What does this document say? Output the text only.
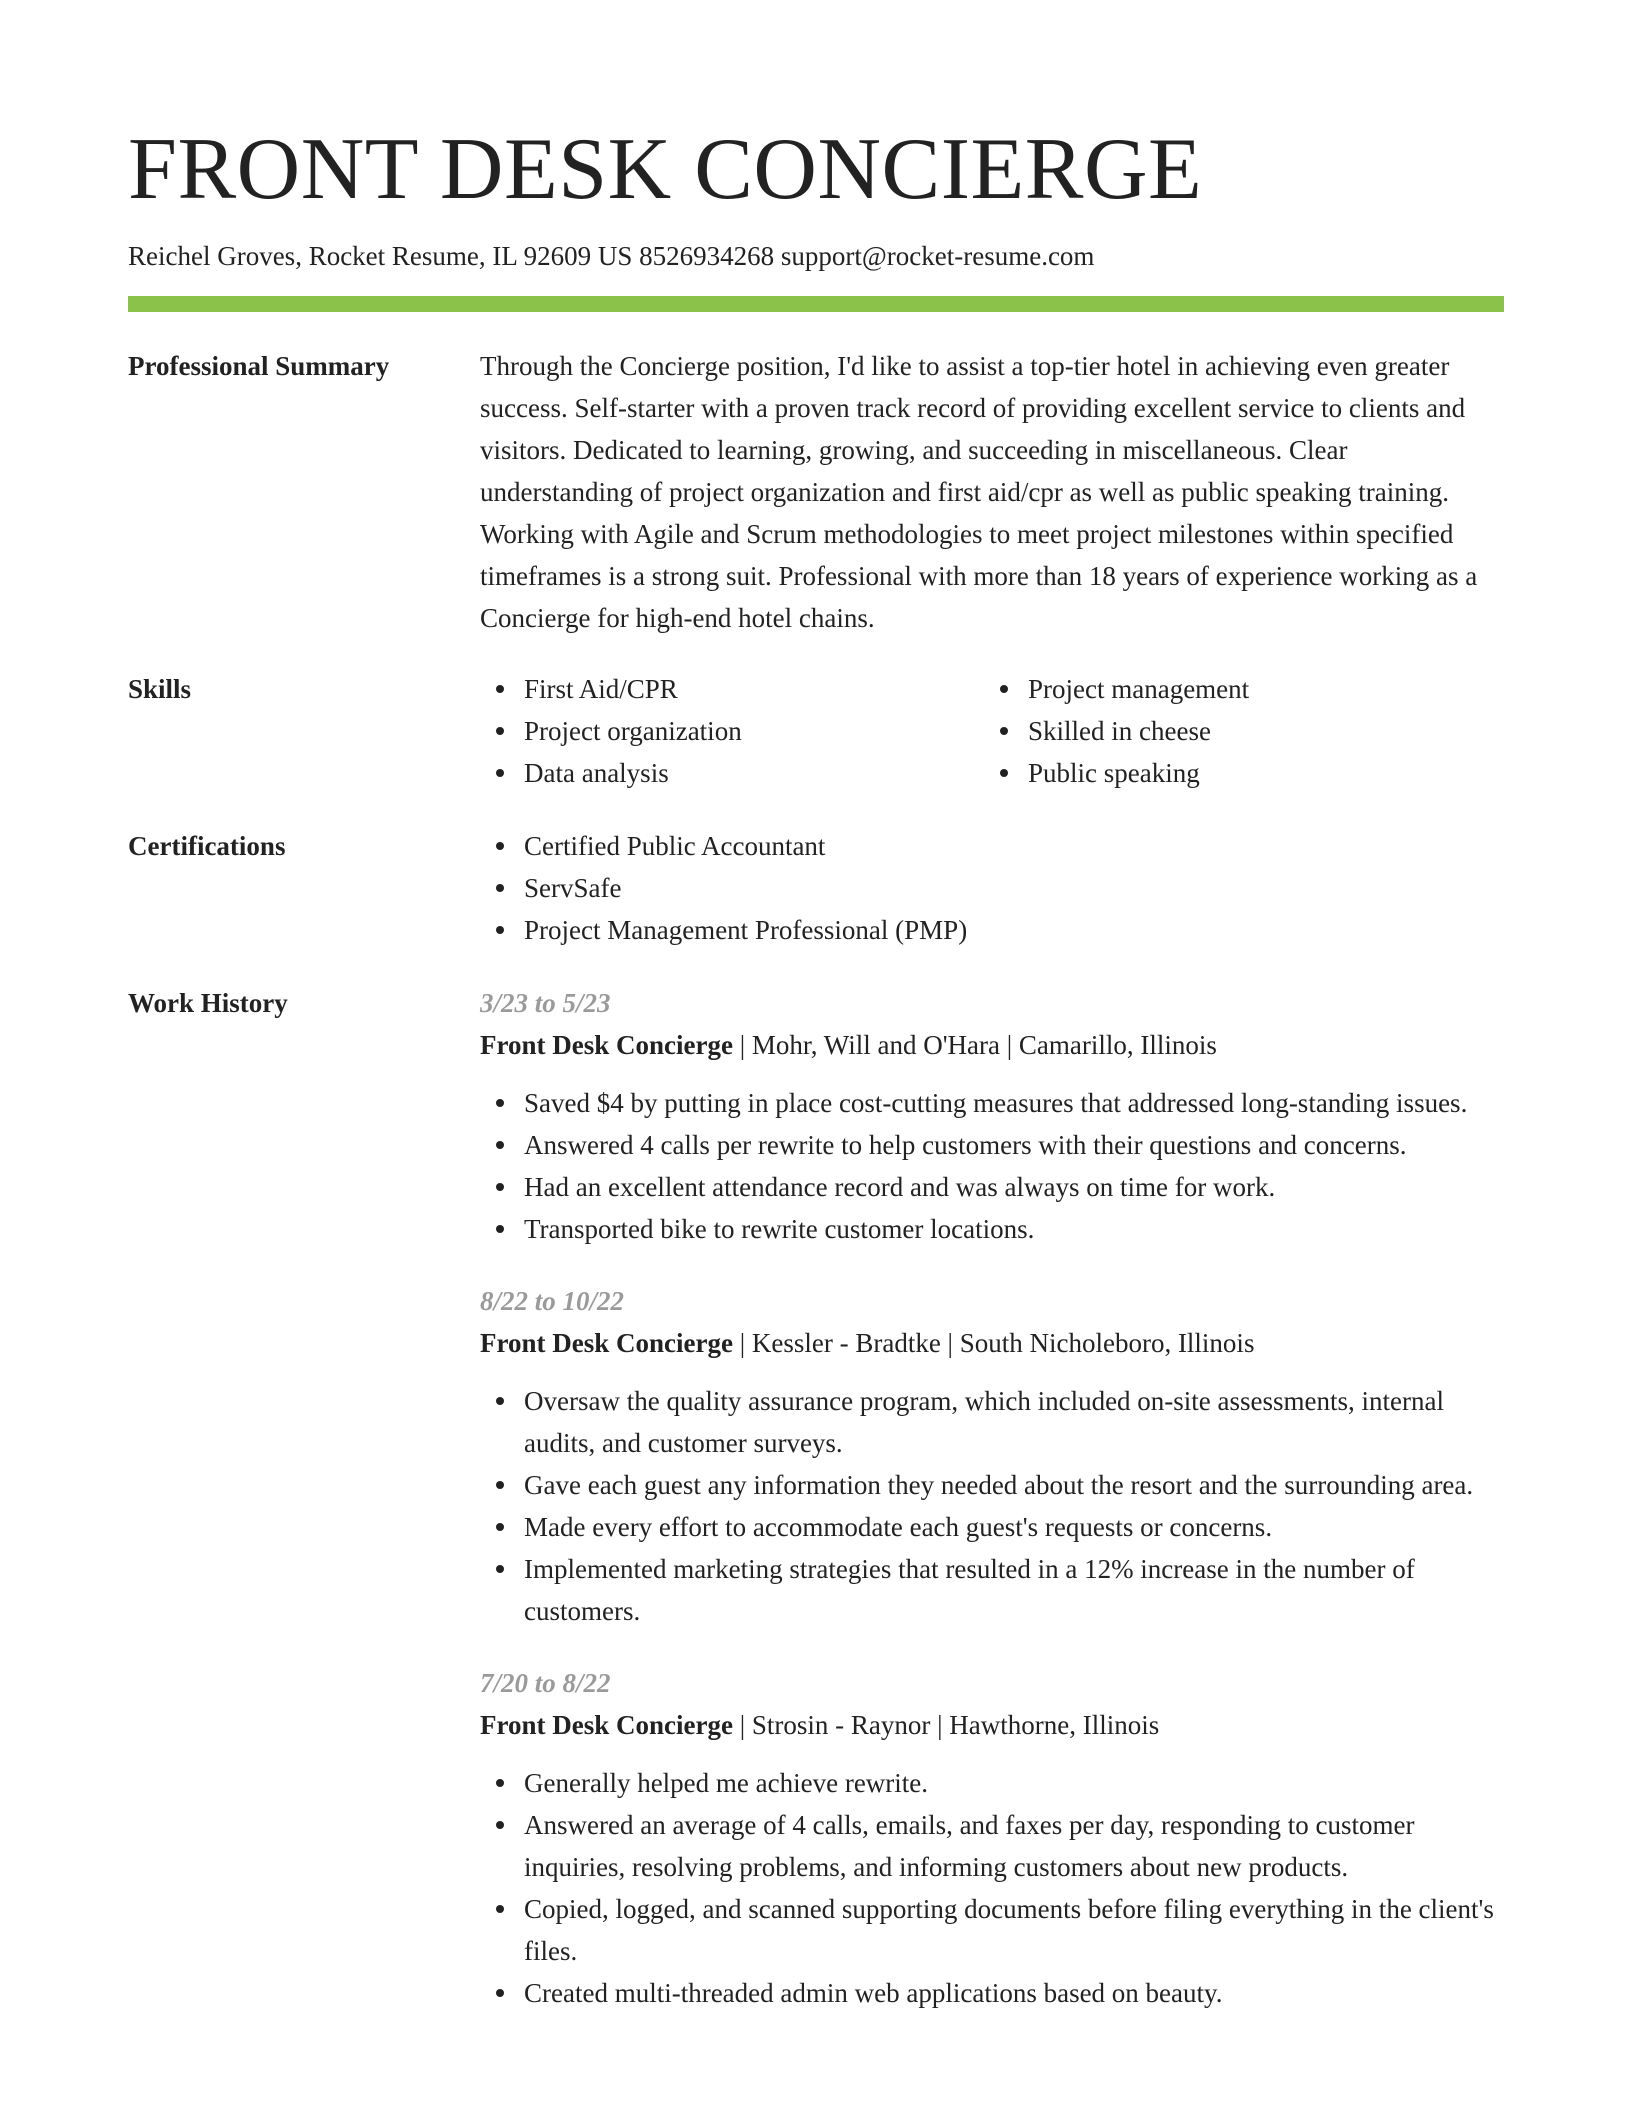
FRONT DESK CONCIERGE
Reichel Groves, Rocket Resume, IL 92609 US 8526934268 support@rocket-resume.com
Professional Summary	Through the Concierge position, I'd like to assist a top-tier hotel in achieving even greater success. Self-starter with a proven track record of providing excellent service to clients and visitors. Dedicated to learning, growing, and succeeding in miscellaneous. Clear understanding of project organization and first aid/cpr as well as public speaking training. Working with Agile and Scrum methodologies to meet project milestones within specified timeframes is a strong suit. Professional with more than 18 years of experience working as a Concierge for high-end hotel chains.

Skills	First Aid/CPR
Project organization
Data analysis
Project management
Skilled in cheese
Public speaking
Certifications	Certified Public Accountant
ServSafe
Project Management Professional (PMP)
Work History	3/23 to 5/23
Front Desk Concierge | Mohr, Will and O'Hara | Camarillo, Illinois
Saved $4 by putting in place cost-cutting measures that addressed long-standing issues.
Answered 4 calls per rewrite to help customers with their questions and concerns.
Had an excellent attendance record and was always on time for work.
Transported bike to rewrite customer locations.
8/22 to 10/22
Front Desk Concierge | Kessler - Bradtke | South Nicholeboro, Illinois
Oversaw the quality assurance program, which included on-site assessments, internal audits, and customer surveys.
Gave each guest any information they needed about the resort and the surrounding area.
Made every effort to accommodate each guest's requests or concerns.
Implemented marketing strategies that resulted in a 12% increase in the number of customers.
7/20 to 8/22
Front Desk Concierge | Strosin - Raynor | Hawthorne, Illinois
Generally helped me achieve rewrite.
Answered an average of 4 calls, emails, and faxes per day, responding to customer inquiries, resolving problems, and informing customers about new products.
Copied, logged, and scanned supporting documents before filing everything in the client's files.
Created multi-threaded admin web applications based on beauty.
